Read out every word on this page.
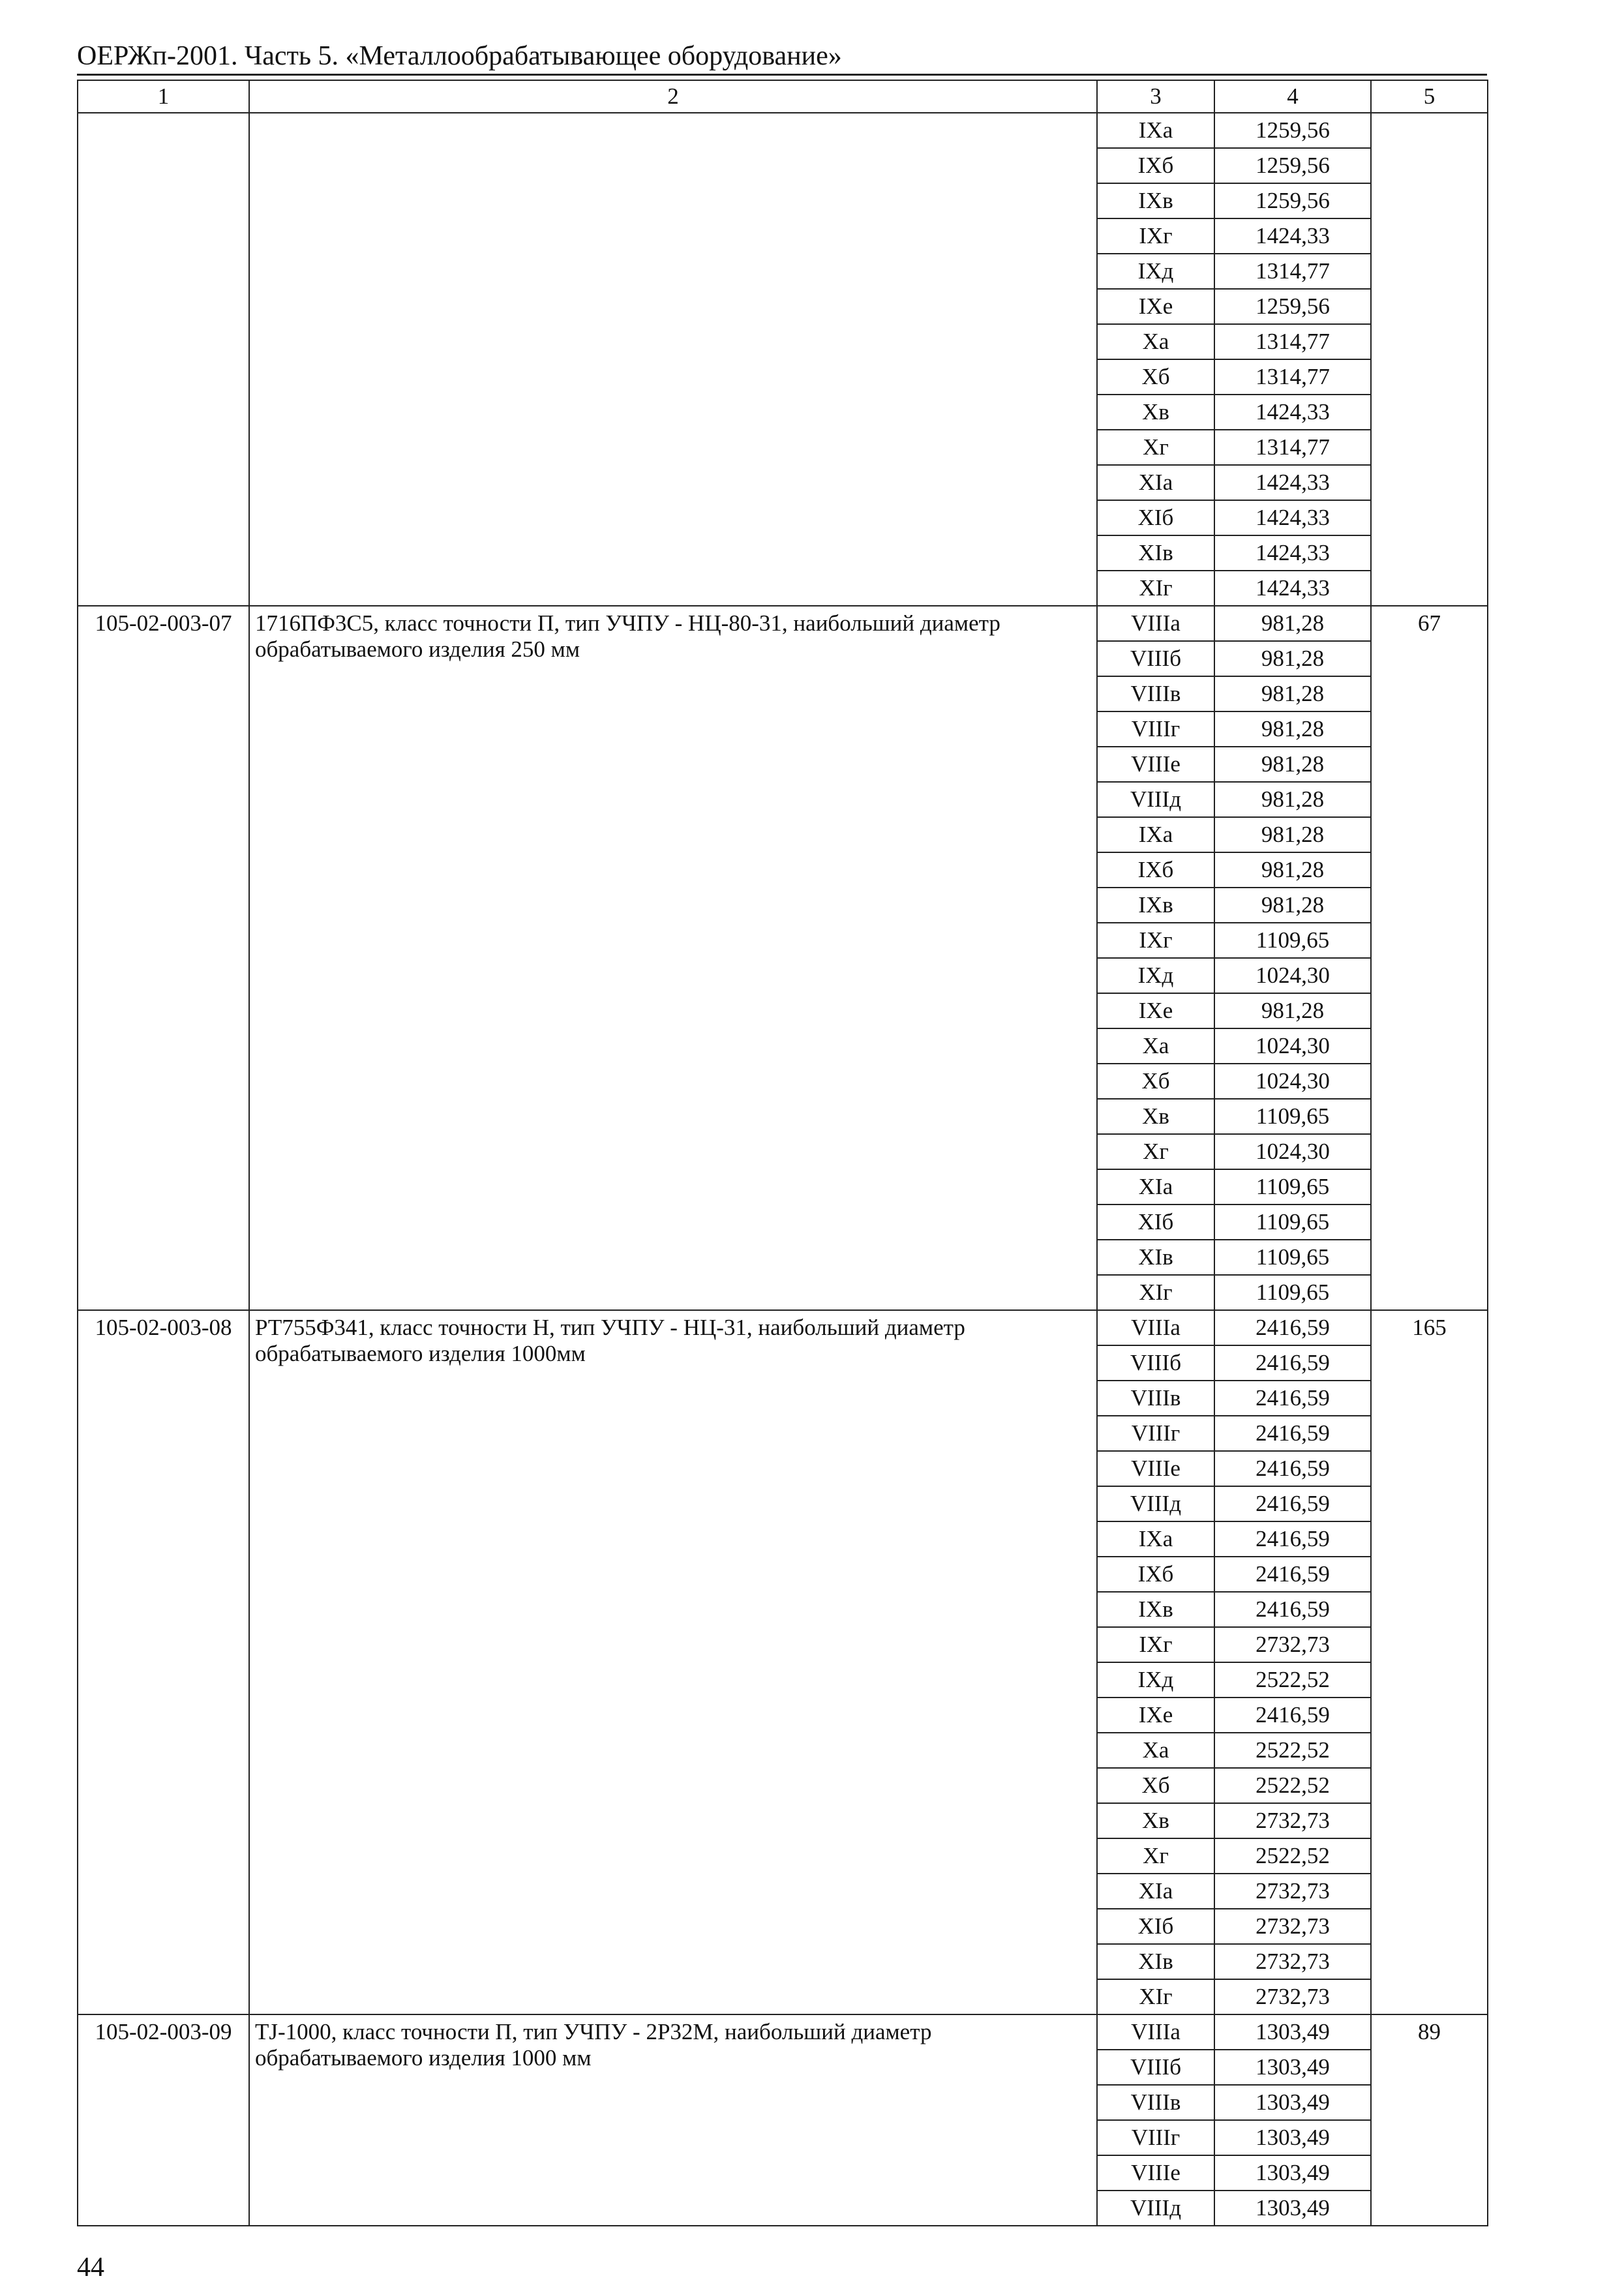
ОЕРЖп-2001. Часть 5. «Металлообрабатывающее оборудование»
1	2	3	4	5
		IXа	1259,56	
		IXб	1259,56	
		IXв	1259,56	
		IXг	1424,33	
		IXд	1314,77	
		IXе	1259,56	
		Xа	1314,77	
		Xб	1314,77	
		Xв	1424,33	
		Xг	1314,77	
		XIа	1424,33	
		XIб	1424,33	
		XIв	1424,33	
		XIг	1424,33	
105-02-003-07	1716ПФ3С5, класс точности П, тип УЧПУ - НЦ-80-31, наибольший диаметр обрабатываемого изделия 250 мм	VIIIа	981,28	67
		VIIIб	981,28	
		VIIIв	981,28	
		VIIIг	981,28	
		VIIIе	981,28	
		VIIIд	981,28	
		IXа	981,28	
		IXб	981,28	
		IXв	981,28	
		IXг	1109,65	
		IXд	1024,30	
		IXе	981,28	
		Xа	1024,30	
		Xб	1024,30	
		Xв	1109,65	
		Xг	1024,30	
		XIа	1109,65	
		XIб	1109,65	
		XIв	1109,65	
		XIг	1109,65	
105-02-003-08	РТ755Ф341, класс точности Н, тип УЧПУ - НЦ-31, наибольший диаметр обрабатываемого изделия 1000мм	VIIIа	2416,59	165
		VIIIб	2416,59	
		VIIIв	2416,59	
		VIIIг	2416,59	
		VIIIе	2416,59	
		VIIIд	2416,59	
		IXа	2416,59	
		IXб	2416,59	
		IXв	2416,59	
		IXг	2732,73	
		IXд	2522,52	
		IXе	2416,59	
		Xа	2522,52	
		Xб	2522,52	
		Xв	2732,73	
		Xг	2522,52	
		XIа	2732,73	
		XIб	2732,73	
		XIв	2732,73	
		XIг	2732,73	
105-02-003-09	ТJ-1000, класс точности П, тип УЧПУ - 2Р32М, наибольший диаметр обрабатываемого изделия 1000 мм	VIIIа	1303,49	89
		VIIIб	1303,49	
		VIIIв	1303,49	
		VIIIг	1303,49	
		VIIIе	1303,49	
		VIIIд	1303,49	
44
